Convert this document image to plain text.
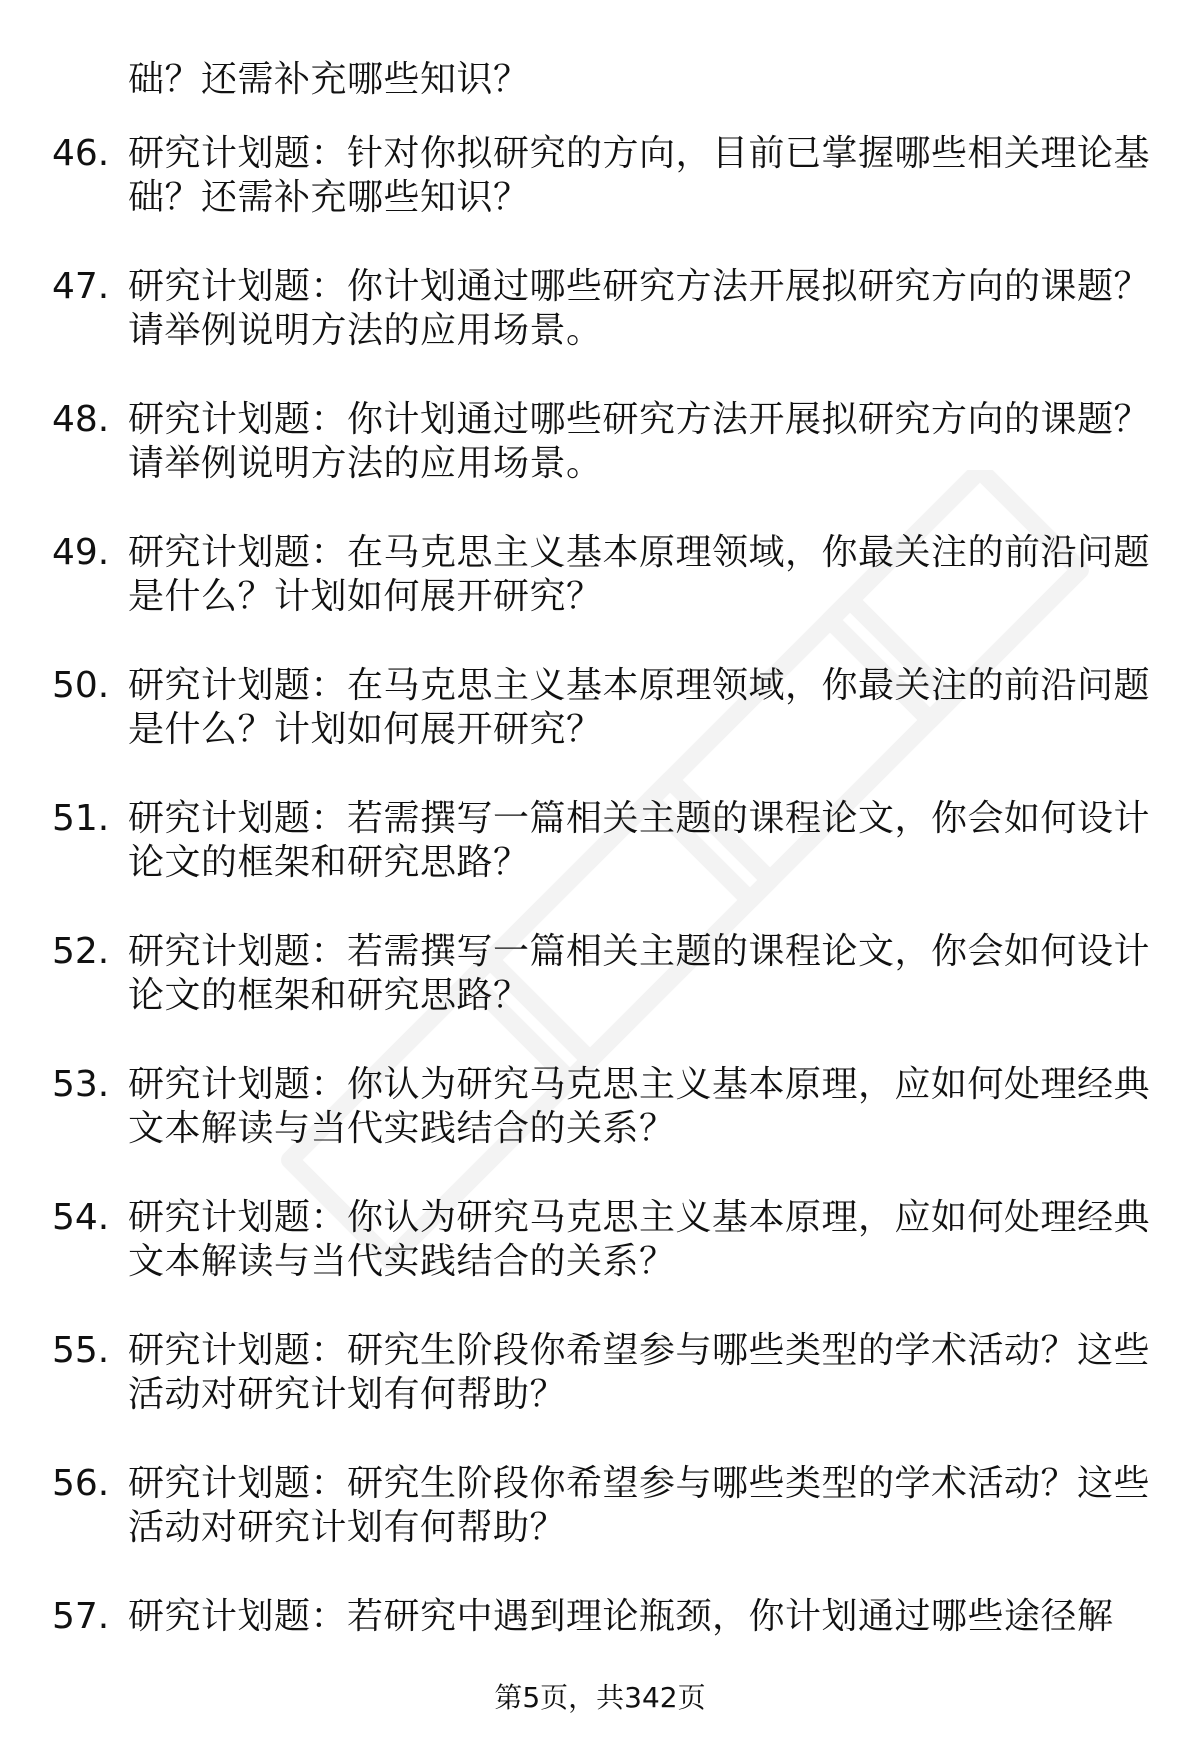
础？还需补充哪些知识？
46. 研究计划题：针对你拟研究的方向，目前已掌握哪些相关理论基
础？还需补充哪些知识？
47. 研究计划题：你计划通过哪些研究方法开展拟研究方向的课题？
请举例说明方法的应用场景。
48. 研究计划题：你计划通过哪些研究方法开展拟研究方向的课题？
请举例说明方法的应用场景。
49. 研究计划题：在马克思主义基本原理领域，你最关注的前沿问题
是什么？计划如何展开研究？
50. 研究计划题：在马克思主义基本原理领域，你最关注的前沿问题
是什么？计划如何展开研究？
51. 研究计划题：若需撰写一篇相关主题的课程论文，你会如何设计
论文的框架和研究思路？
52. 研究计划题：若需撰写一篇相关主题的课程论文，你会如何设计
论文的框架和研究思路？
53. 研究计划题：你认为研究马克思主义基本原理，应如何处理经典
文本解读与当代实践结合的关系？
54. 研究计划题：你认为研究马克思主义基本原理，应如何处理经典
文本解读与当代实践结合的关系？
55. 研究计划题：研究生阶段你希望参与哪些类型的学术活动？这些
活动对研究计划有何帮助？
56. 研究计划题：研究生阶段你希望参与哪些类型的学术活动？这些
活动对研究计划有何帮助？
57. 研究计划题：若研究中遇到理论瓶颈，你计划通过哪些途径解
第5页，共342页
